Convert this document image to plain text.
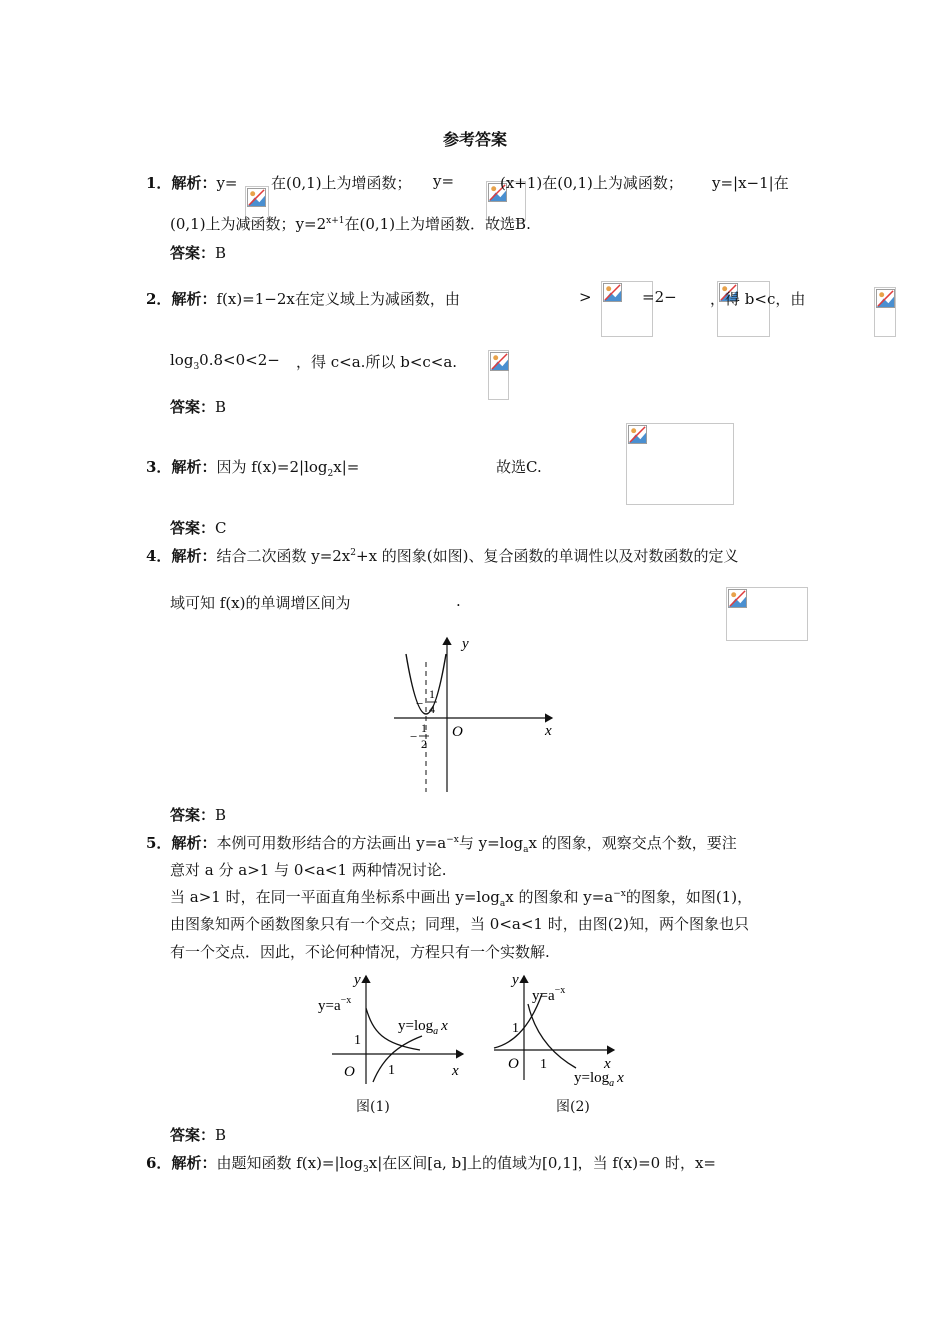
参考答案
1．解析：y=
在(0,1)上为增函数； y=
	(x+1)在(0,1)上为减函数； y=|x−1|在
(0,1)上为减函数；$y=2^{x+1}$在(0,1)上为增函数．故选B.
答案：B
2．解析：f(x)=1−2x在定义域上为减函数，由
	>
	=2−
，得 b<c，由
$\log_30.8<0<2-$
，得 c<a.所以 b<c<a.
答案：B
3．解析：因为 $f(x)=2|\log_2x|=$
	故选C.
答案：C
4．解析：结合二次函数 $y=2x^2+x$ 的图象(如图)、复合函数的单调性以及对数函数的定义
域可知 f(x)的单调增区间为	.
y
x
O
−
1
4
−
1
2
答案：B
5．解析：本例可用数形结合的方法画出 $y=a^{-x}$与 $y=\log_ax$ 的图象，观察交点个数，要注
意对 a 分 a>1 与 0<a<1 两种情况讨论.
当 a>1 时，在同一平面直角坐标系中画出 $y=\log_ax$ 的图象和 $y=a^{-x}$的图象，如图(1)，
由图象知两个函数图象只有一个交点；同理，当 0<a<1 时，由图(2)知，两个图象也只
有一个交点．因此，不论何种情况，方程只有一个实数解.
y
x
O
1
1
$y=a^{-x}$
$y=\log_a$ x
图(1)
y
x
O
1
1
$y=a^{-x}$
$y=\log_a$ x
图(2)
答案：B
6．解析：由题知函数 $f(x)=|\log_3x|$在区间[a, b]上的值域为[0,1]，当 f(x)=0 时，x=
